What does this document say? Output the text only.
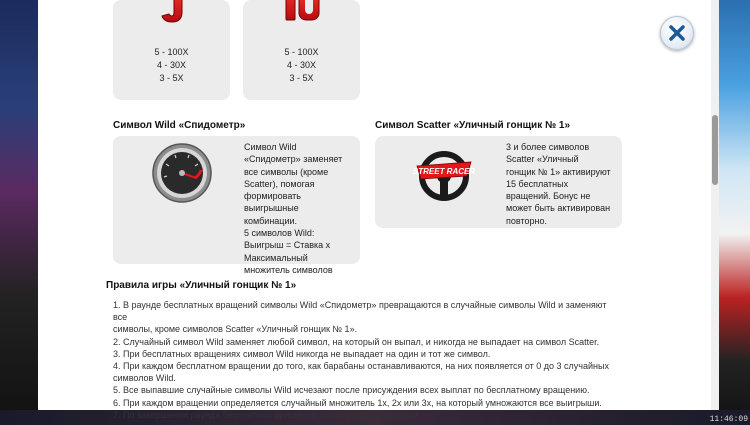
11:46:09
5 - 100X
4 - 30X
3 - 5X
5 - 100X
4 - 30X
3 - 5X
Символ Wild «Спидометр»	Символ Scatter «Уличный гонщик № 1»
Символ Wild
«Спидометр» заменяет
все символы (кроме
Scatter), помогая
формировать
выигрышные
комбинации.
5 символов Wild:
Выигрыш = Ставка х Максимальный
множитель символов
STREET RACER
3 и более символов
Scatter «Уличный
гонщик № 1» активируют
15 бесплатных
вращений. Бонус не
может быть активирован
повторно.
Правила игры «Уличный гонщик № 1»
1. В раунде бесплатных вращений символы Wild «Спидометр» превращаются в случайные символы Wild и заменяют все
символы, кроме символов Scatter «Уличный гонщик № 1».
2. Случайный символ Wild заменяет любой символ, на который он выпал, и никогда не выпадает на символ Scatter.
3. При бесплатных вращениях символ Wild никогда не выпадает на один и тот же символ.
4. При каждом бесплатном вращении до того, как барабаны останавливаются, на них появляется от 0 до 3 случайных
символов Wild.
5. Все выпавшие случайные символы Wild исчезают после присуждения всех выплат по бесплатному вращению.
6. При каждом вращении определяется случайный множитель 1х, 2х или 3х, на который умножаются все выигрыши.
7. По завершении раунда бесплатных вращений автоигра прекращается.
